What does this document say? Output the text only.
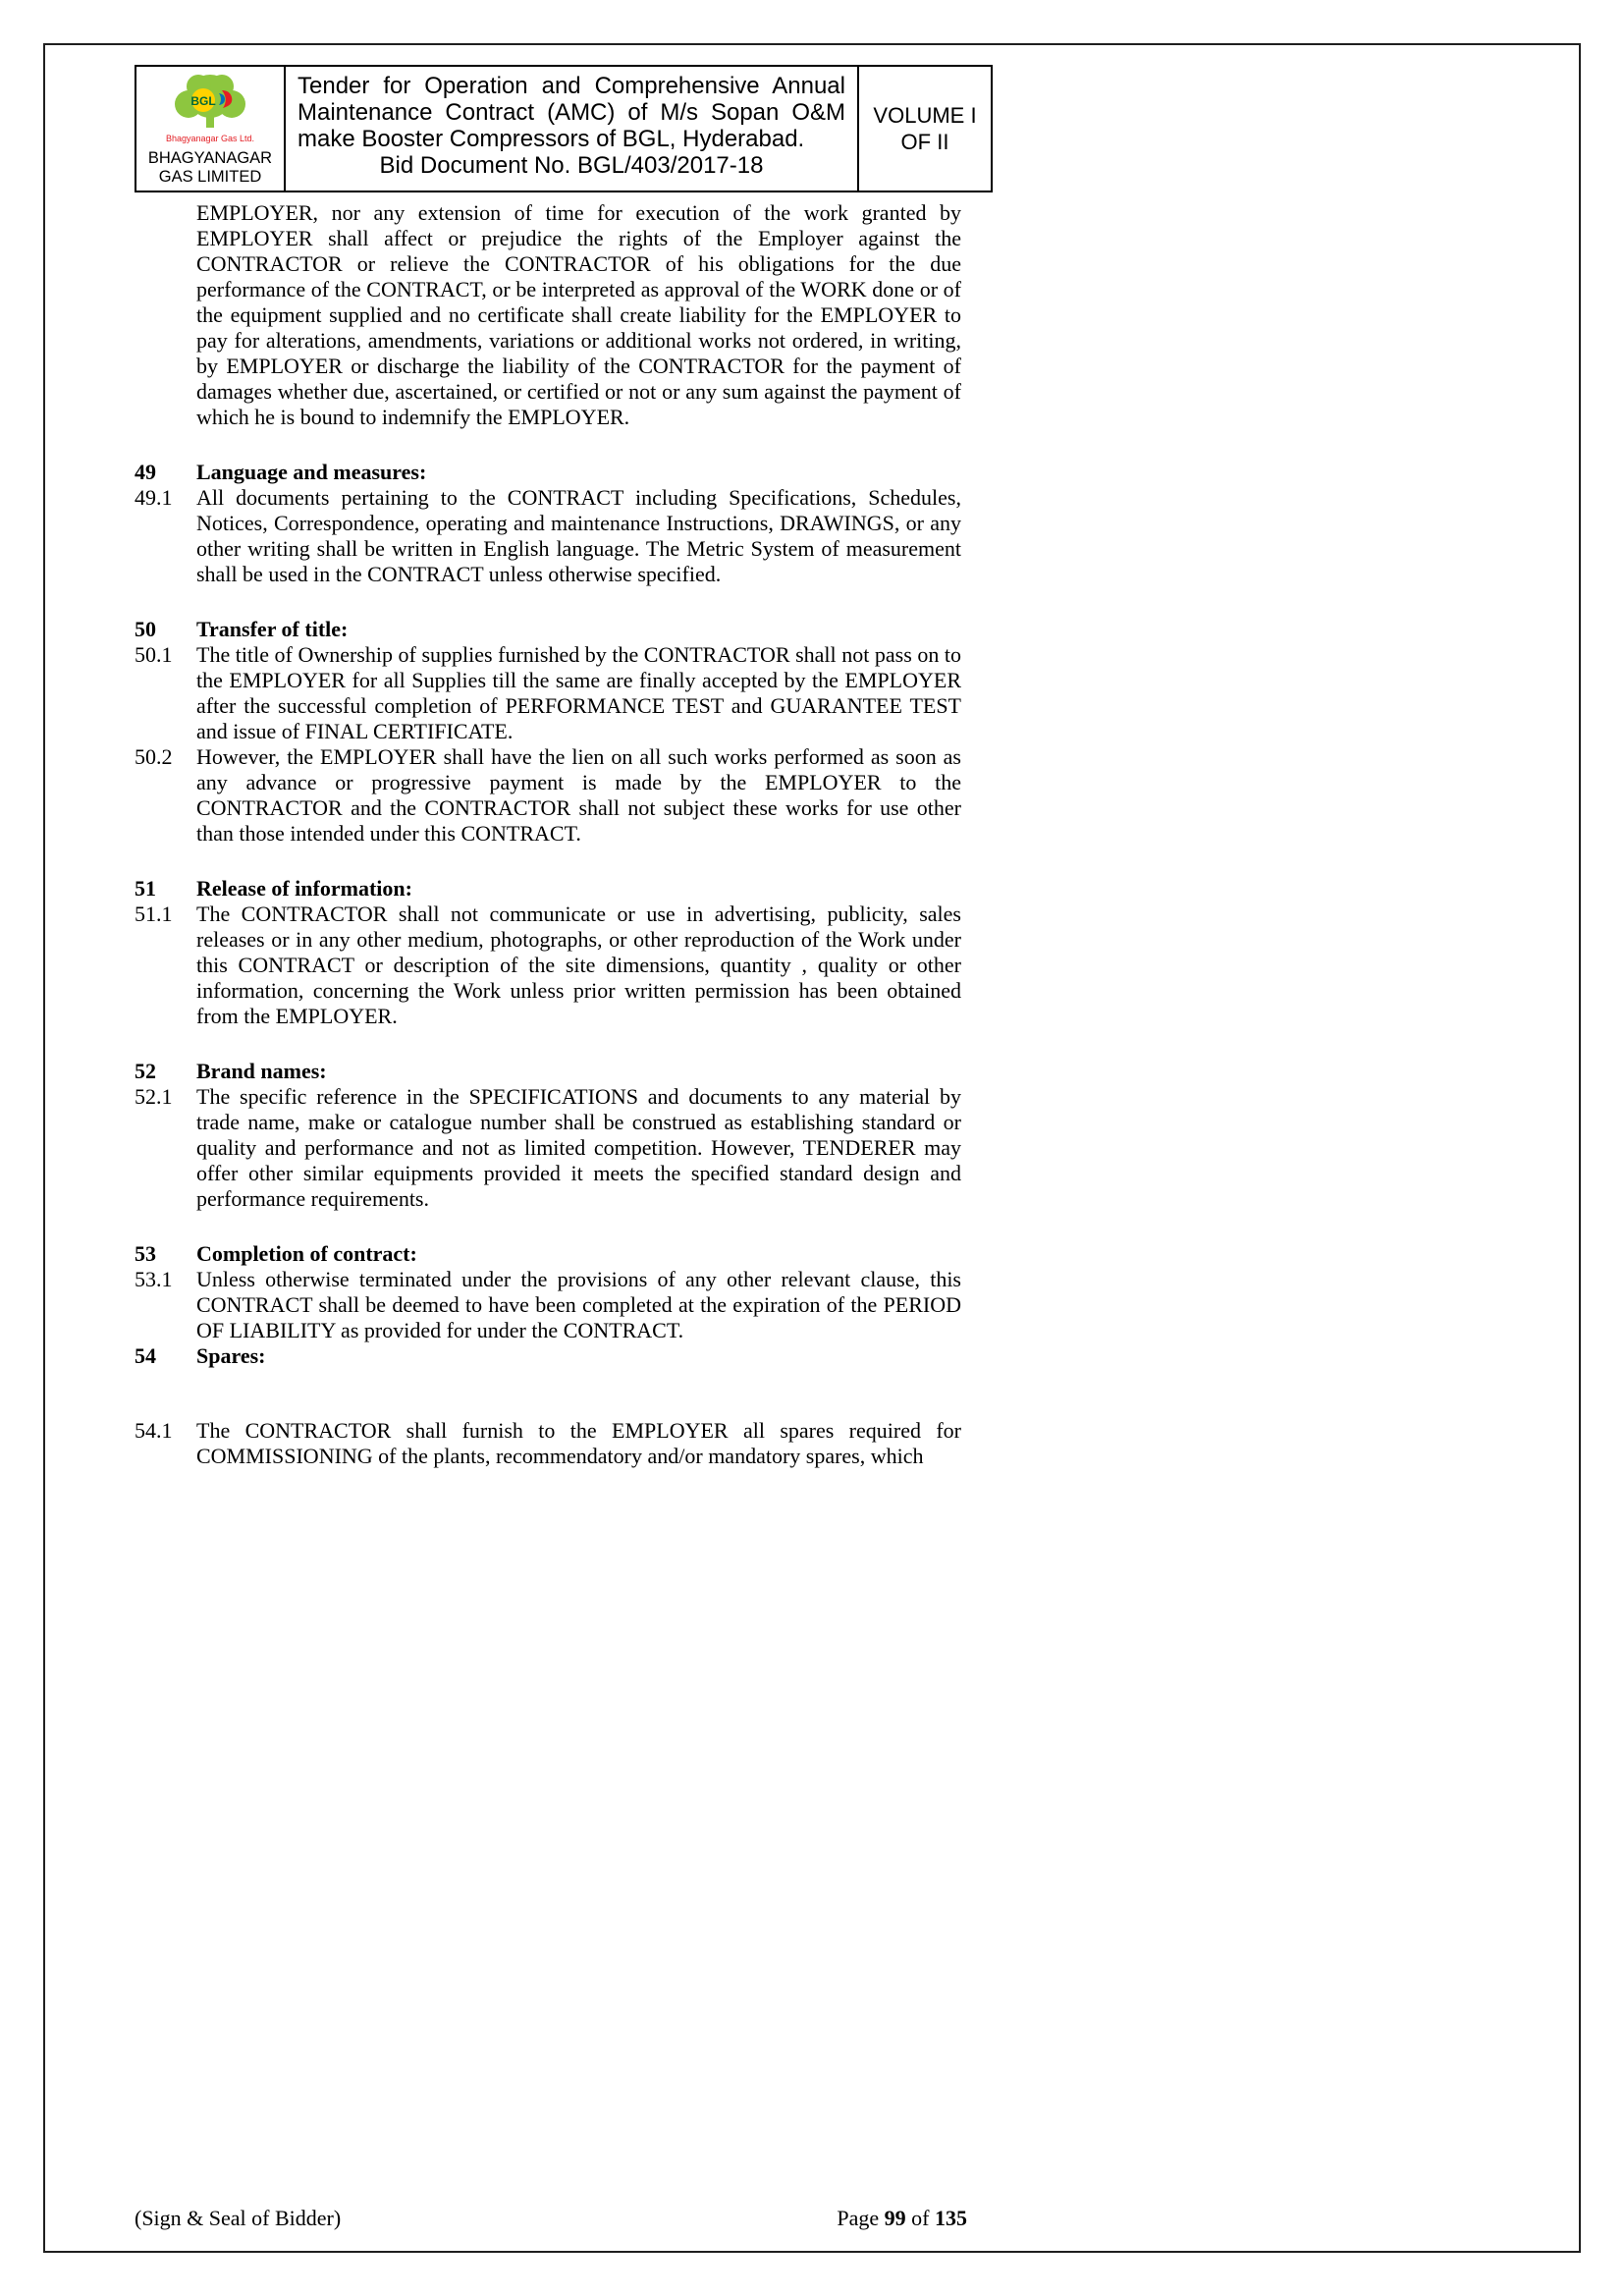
BGL
Bhagyanagar Gas Ltd.
BHAGYANAGAR GAS LIMITED
Tender for Operation and Comprehensive Annual Maintenance Contract (AMC) of M/s Sopan O&M make Booster Compressors of BGL, Hyderabad.
Bid Document No. BGL/403/2017-18
VOLUME I
OF II

EMPLOYER, nor any extension of time for execution of the work granted by EMPLOYER shall affect or prejudice the rights of the Employer against the CONTRACTOR or relieve the CONTRACTOR of his obligations for the due performance of the CONTRACT, or be interpreted as approval of the WORK done or of the equipment supplied and no certificate shall create liability for the EMPLOYER to pay for alterations, amendments, variations or additional works not ordered, in writing, by EMPLOYER or discharge the liability of the CONTRACTOR for the payment of damages whether due, ascertained, or certified or not or any sum against the payment of which he is bound to indemnify the EMPLOYER.

49	Language and measures:
49.1	All documents pertaining to the CONTRACT including Specifications, Schedules, Notices, Correspondence, operating and maintenance Instructions, DRAWINGS, or any other writing shall be written in English language. The Metric System of measurement shall be used in the CONTRACT unless otherwise specified.

50	Transfer of title:
50.1	The title of Ownership of supplies furnished by the CONTRACTOR shall not pass on to the EMPLOYER for all Supplies till the same are finally accepted by the EMPLOYER after the successful completion of PERFORMANCE TEST and GUARANTEE TEST and issue of FINAL CERTIFICATE.

50.2	However, the EMPLOYER shall have the lien on all such works performed as soon as any advance or progressive payment is made by the EMPLOYER to the CONTRACTOR and the CONTRACTOR shall not subject these works for use other than those intended under this CONTRACT.

51	Release of information:
51.1	The CONTRACTOR shall not communicate or use in advertising, publicity, sales releases or in any other medium, photographs, or other reproduction of the Work under this CONTRACT or description of the site dimensions, quantity , quality or other information, concerning the Work unless prior written permission has been obtained from the EMPLOYER.

52	Brand names:
52.1	The specific reference in the SPECIFICATIONS and documents to any material by trade name, make or catalogue number shall be construed as establishing standard or quality and performance and not as limited competition. However, TENDERER may offer other similar equipments provided it meets the specified standard design and performance requirements.

53	Completion of contract:
53.1	Unless otherwise terminated under the provisions of any other relevant clause, this CONTRACT shall be deemed to have been completed at the expiration of the PERIOD OF LIABILITY as provided for under the CONTRACT.

54	Spares:
54.1	The CONTRACTOR shall furnish to the EMPLOYER all spares required for COMMISSIONING of the plants, recommendatory and/or mandatory spares, which

(Sign & Seal of Bidder)	Page 99 of 135
